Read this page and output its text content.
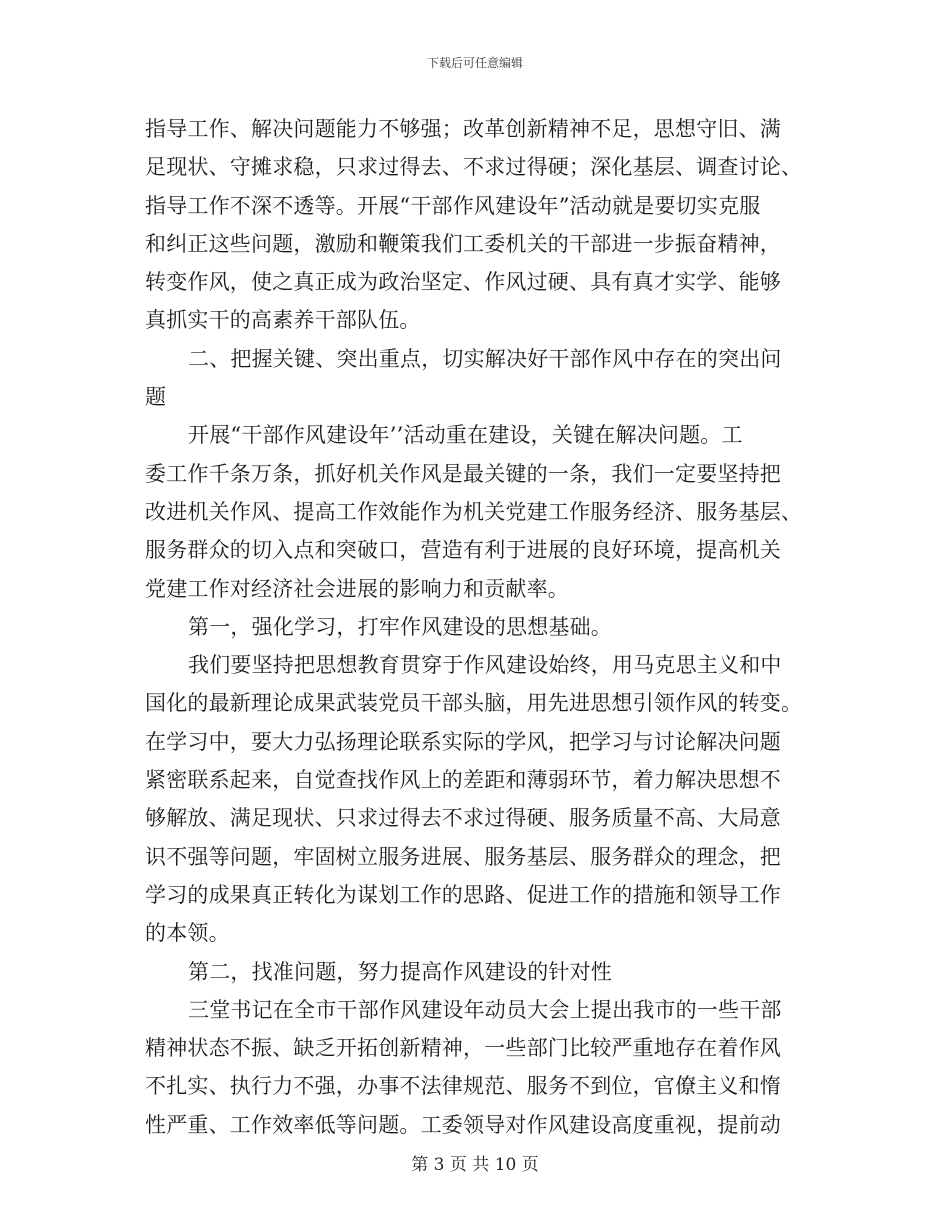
下载后可任意编辑
指导工作、解决问题能力不够强；改革创新精神不足，思想守旧、满
足现状、守摊求稳，只求过得去、不求过得硬；深化基层、调查讨论、
指导工作不深不透等。开展“干部作风建设年”活动就是要切实克服
和纠正这些问题，激励和鞭策我们工委机关的干部进一步振奋精神，
转变作风，使之真正成为政治坚定、作风过硬、具有真才实学、能够
真抓实干的高素养干部队伍。
二、把握关键、突出重点，切实解决好干部作风中存在的突出问
题
开展“干部作风建设年’’活动重在建设，关键在解决问题。工
委工作千条万条，抓好机关作风是最关键的一条，我们一定要坚持把
改进机关作风、提高工作效能作为机关党建工作服务经济、服务基层、
服务群众的切入点和突破口，营造有利于进展的良好环境，提高机关
党建工作对经济社会进展的影响力和贡献率。
第一，强化学习，打牢作风建设的思想基础。
我们要坚持把思想教育贯穿于作风建设始终，用马克思主义和中
国化的最新理论成果武装党员干部头脑，用先进思想引领作风的转变。
在学习中，要大力弘扬理论联系实际的学风，把学习与讨论解决问题
紧密联系起来，自觉查找作风上的差距和薄弱环节，着力解决思想不
够解放、满足现状、只求过得去不求过得硬、服务质量不高、大局意
识不强等问题，牢固树立服务进展、服务基层、服务群众的理念，把
学习的成果真正转化为谋划工作的思路、促进工作的措施和领导工作
的本领。
第二，找准问题，努力提高作风建设的针对性
三堂书记在全市干部作风建设年动员大会上提出我市的一些干部
精神状态不振、缺乏开拓创新精神，一些部门比较严重地存在着作风
不扎实、执行力不强，办事不法律规范、服务不到位，官僚主义和惰
性严重、工作效率低等问题。工委领导对作风建设高度重视，提前动
第 3 页 共 10 页
